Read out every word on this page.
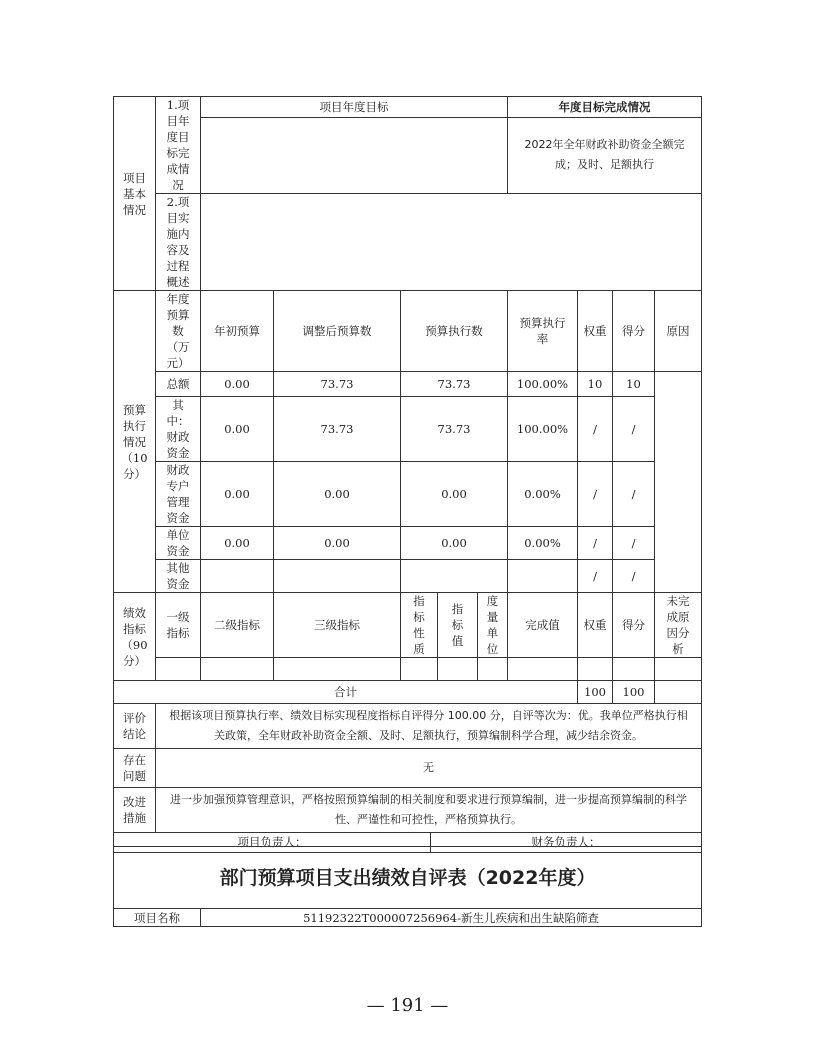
项目基本情况	1.项目年度目标完成情况	项目年度目标					年度目标完成情况			
							2022年全年财政补助资金全额完成；及时、足额执行			
	2.项目实施内容及过程概述									
预算执行情况（10分）	年度预算数（万元）	年初预算	调整后预算数	预算执行数			预算执行率	权重	得分	原因
	总额	0.00	73.73	73.73			100.00%	10	10	
	其中：财政资金	0.00	73.73	73.73			100.00%	/	/	
	财政专户管理资金	0.00	0.00	0.00			0.00%	/	/	
	单位资金	0.00	0.00	0.00			0.00%	/	/	
	其他资金							/	/	
绩效指标（90分）	一级指标	二级指标	三级指标	指标性质	指标值	度量单位	完成值	权重	得分	未完成原因分析

合计								100	100	
评价结论	根据该项目预算执行率、绩效目标实现程度指标自评得分 100.00 分，自评等次为：优。我单位严格执行相关政策，全年财政补助资金全额、及时、足额执行，预算编制科学合理，减少结余资金。									
存在问题	无									
改进措施	进一步加强预算管理意识，严格按照预算编制的相关制度和要求进行预算编制，进一步提高预算编制的科学性、严谨性和可控性，严格预算执行。									

项目负责人： 财务负责人：										
部门预算项目支出绩效自评表（2022年度）
项目名称	51192322T000007256964-新生儿疾病和出生缺陷筛查
— 191 —
